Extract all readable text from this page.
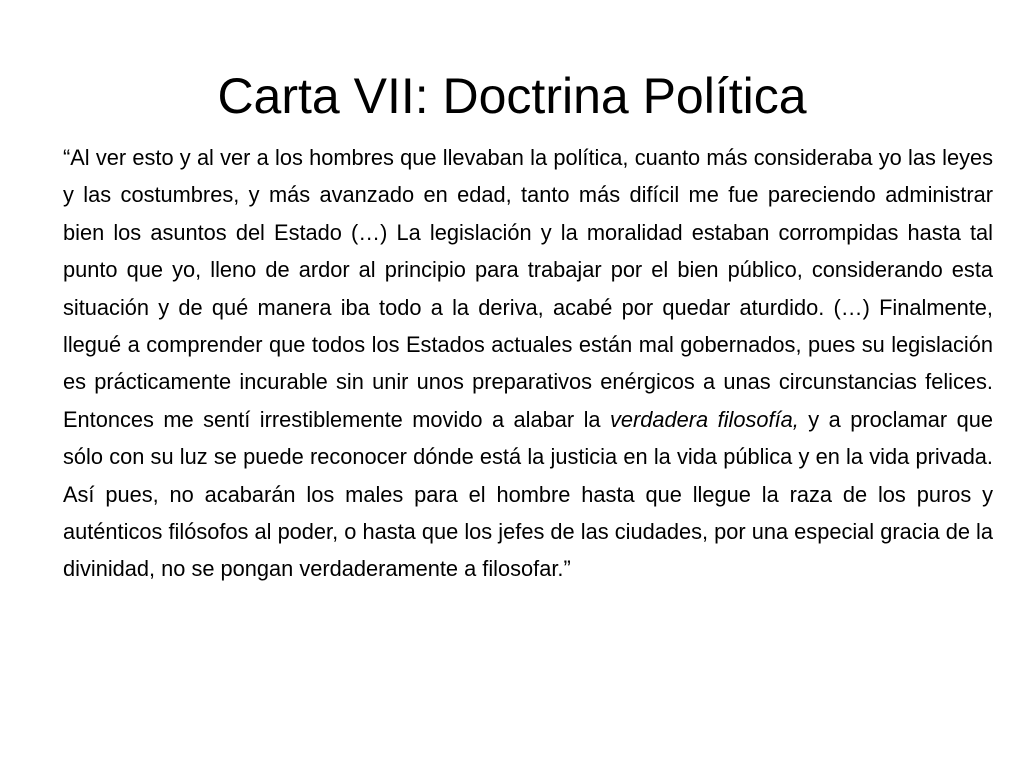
Carta VII: Doctrina Política

“Al ver esto y al ver a los hombres que llevaban la política, cuanto más consideraba yo las leyes y las costumbres, y más avanzado en edad, tanto más difícil me fue pareciendo administrar bien los asuntos del Estado (…) La legislación y la moralidad estaban corrompidas hasta tal punto que yo, lleno de ardor al principio para trabajar por el bien público, considerando esta situación y de qué manera iba todo a la deriva, acabé por quedar aturdido. (…) Finalmente, llegué a comprender que todos los Estados actuales están mal gobernados, pues su legislación es prácticamente incurable sin unir unos preparativos enérgicos a unas circunstancias felices. Entonces me sentí irrestiblemente movido a alabar la verdadera filosofía, y a proclamar que sólo con su luz se puede reconocer dónde está la justicia en la vida pública y en la vida privada. Así pues, no acabarán los males para el hombre hasta que llegue la raza de los puros y auténticos filósofos al poder, o hasta que los jefes de las ciudades, por una especial gracia de la divinidad, no se pongan verdaderamente a filosofar.”
